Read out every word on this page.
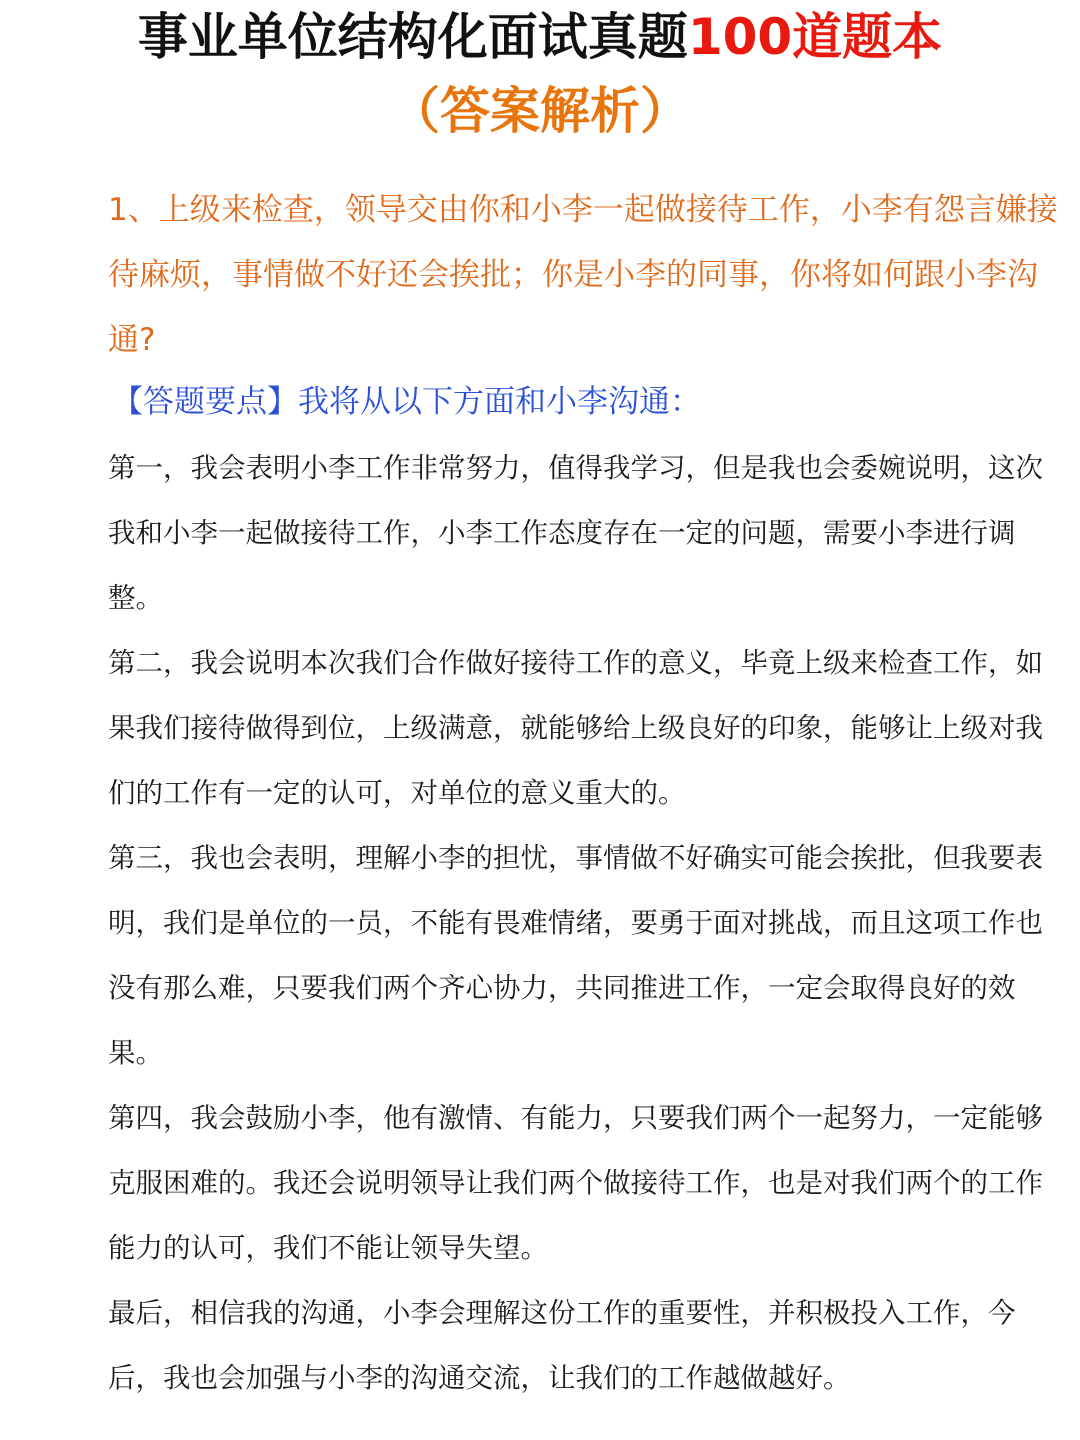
事业单位结构化面试真题100道题本
（答案解析）
1、上级来检查，领导交由你和小李一起做接待工作，小李有怨言嫌接待麻烦，事情做不好还会挨批；你是小李的同事，你将如何跟小李沟通?
【答题要点】我将从以下方面和小李沟通：
第一，我会表明小李工作非常努力，值得我学习，但是我也会委婉说明，这次我和小李一起做接待工作，小李工作态度存在一定的问题，需要小李进行调整。
第二，我会说明本次我们合作做好接待工作的意义，毕竟上级来检查工作，如果我们接待做得到位，上级满意，就能够给上级良好的印象，能够让上级对我们的工作有一定的认可，对单位的意义重大的。
第三，我也会表明，理解小李的担忧，事情做不好确实可能会挨批，但我要表明，我们是单位的一员，不能有畏难情绪，要勇于面对挑战，而且这项工作也没有那么难，只要我们两个齐心协力，共同推进工作，一定会取得良好的效果。
第四，我会鼓励小李，他有激情、有能力，只要我们两个一起努力，一定能够克服困难的。我还会说明领导让我们两个做接待工作，也是对我们两个的工作能力的认可，我们不能让领导失望。
最后，相信我的沟通，小李会理解这份工作的重要性，并积极投入工作，今后，我也会加强与小李的沟通交流，让我们的工作越做越好。
